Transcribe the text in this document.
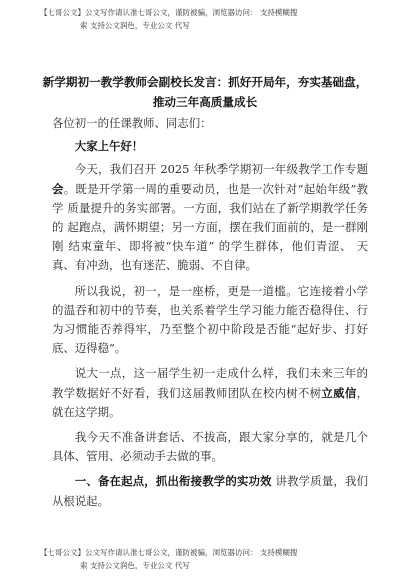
【七哥公文】公文写作请认准七哥公文，谨防被骗，浏览器访问： 支持模糊搜
索 支持公文润色，专业公文 代写
新学期初一教学教师会副校长发言：抓好开局年，夯实基础盘，
推动三年高质量成长

各位初一的任课教师、同志们：

大家上午好！

今天，我们召开 2025 年秋季学期初一年级教学工作专题会。既是开学第一周的重要动员，也是一次针对“起始年级”教学 质量提升的务实部署。一方面，我们站在了新学期教学任务的 起跑点，满怀期望；另一方面，摆在我们面前的，是一群刚刚 结束童年、即将被“快车道” 的学生群体，他们青涩、 天真、有冲劲，也有迷茫、脆弱、不自律。

所以我说，初一，是一座桥，更是一道槛。它连接着小学的温吞和初中的节奏，也关系着学生学习能力能否稳得住、行为习惯能否养得牢，乃至整个初中阶段是否能“起好步、打好底、迈得稳”。

说大一点，这一届学生初一走成什么样，我们未来三年的教学数据好不好看，我们这届教师团队在校内树不树立威信，就在这学期。

我今天不准备讲套话、不拔高，跟大家分享的，就是几个具体、管用、必须动手去做的事。

一、备在起点，抓出衔接教学的实功效 讲教学质量，我们从根说起。

【七哥公文】公文写作请认准七哥公文，谨防被骗，浏览器访问： 支持模糊搜
索 支持公文润色，专业公文 代写
